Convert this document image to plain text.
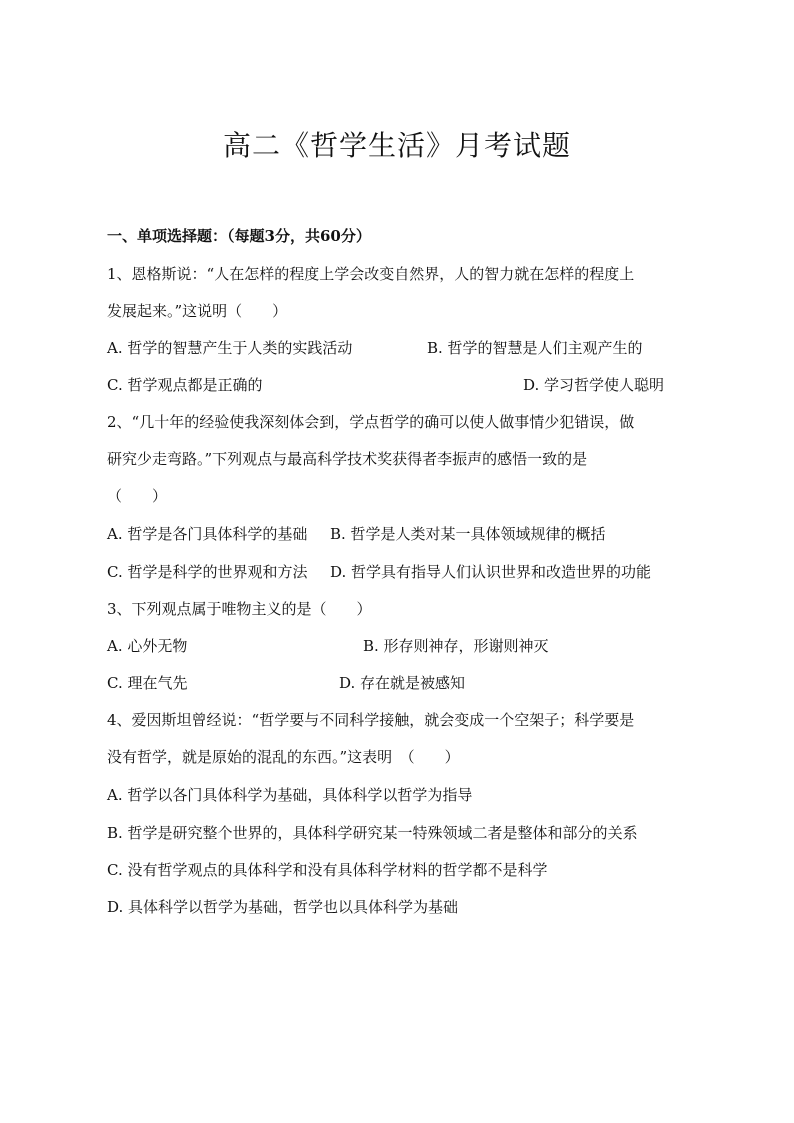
高二《哲学生活》月考试题
一、单项选择题：（每题3分，共60分）
1、恩格斯说：“人在怎样的程度上学会改变自然界，人的智力就在怎样的程度上
发展起来。”这说明（　　）
A. 哲学的智慧产生于人类的实践活动	B. 哲学的智慧是人们主观产生的
C. 哲学观点都是正确的	D. 学习哲学使人聪明
2、“几十年的经验使我深刻体会到，学点哲学的确可以使人做事情少犯错误，做
研究少走弯路。”下列观点与最高科学技术奖获得者李振声的感悟一致的是
（　　）
A. 哲学是各门具体科学的基础 B. 哲学是人类对某一具体领域规律的概括
C. 哲学是科学的世界观和方法 D. 哲学具有指导人们认识世界和改造世界的功能
3、下列观点属于唯物主义的是（　　）
A. 心外无物	B. 形存则神存，形谢则神灭
C. 理在气先	D. 存在就是被感知
4、爱因斯坦曾经说：“哲学要与不同科学接触，就会变成一个空架子；科学要是
没有哲学，就是原始的混乱的东西。”这表明　（　　）
A. 哲学以各门具体科学为基础，具体科学以哲学为指导
B. 哲学是研究整个世界的，具体科学研究某一特殊领域二者是整体和部分的关系
C. 没有哲学观点的具体科学和没有具体科学材料的哲学都不是科学
D. 具体科学以哲学为基础，哲学也以具体科学为基础
